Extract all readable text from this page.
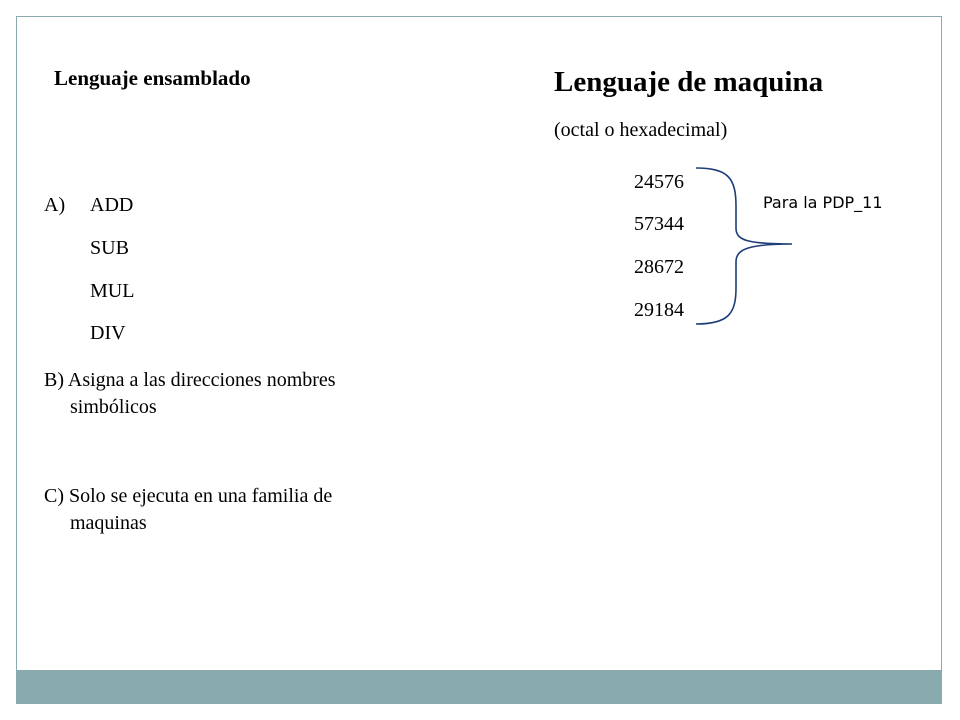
Lenguaje ensamblado
A) ADD
SUB
MUL
DIV
B) Asigna a las direcciones nombres
simbólicos
C) Solo se ejecuta en una familia de
maquinas
Lenguaje de maquina
(octal o hexadecimal)
24576
57344
28672
29184
Para la PDP_11
